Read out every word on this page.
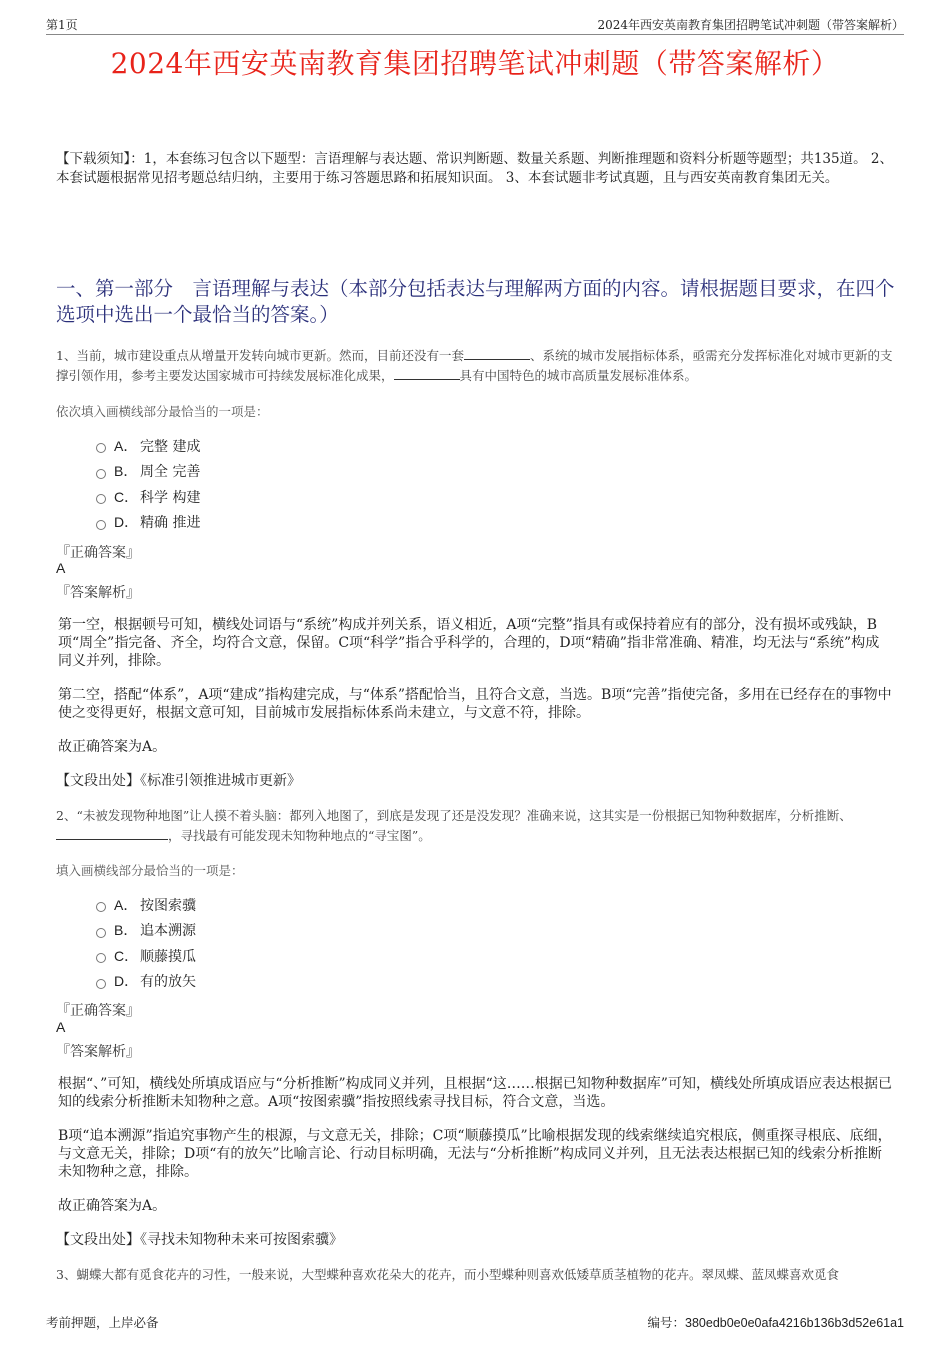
第1页	2024年西安英南教育集团招聘笔试冲刺题（带答案解析）
2024年西安英南教育集团招聘笔试冲刺题（带答案解析）
【下载须知】：1，本套练习包含以下题型：言语理解与表达题、常识判断题、数量关系题、判断推理题和资料分析题等题型；共135道。 2、本套试题根据常见招考题总结归纳，主要用于练习答题思路和拓展知识面。 3、本套试题非考试真题，且与西安英南教育集团无关。
一、第一部分　言语理解与表达（本部分包括表达与理解两方面的内容。请根据题目要求，在四个选项中选出一个最恰当的答案。）
1、当前，城市建设重点从增量开发转向城市更新。然而，目前还没有一套	、系统的城市发展指标体系，亟需充分发挥标准化对城市更新的支撑引领作用，参考主要发达国家城市可持续发展标准化成果，	具有中国特色的城市高质量发展标准体系。
依次填入画横线部分最恰当的一项是：
A． 完整 建成
B． 周全 完善
C． 科学 构建
D． 精确 推进
『正确答案』
A
『答案解析』
第一空，根据顿号可知，横线处词语与“系统”构成并列关系，语义相近，A项“完整”指具有或保持着应有的部分，没有损坏或残缺，B项“周全”指完备、齐全，均符合文意，保留。C项“科学”指合乎科学的，合理的，D项“精确”指非常准确、精准，均无法与“系统”构成同义并列，排除。
第二空，搭配“体系”，A项“建成”指构建完成，与“体系”搭配恰当，且符合文意，当选。B项“完善”指使完备，多用在已经存在的事物中使之变得更好，根据文意可知，目前城市发展指标体系尚未建立，与文意不符，排除。
故正确答案为A。
【文段出处】《标准引领推进城市更新》
2、“未被发现物种地图”让人摸不着头脑：都列入地图了，到底是发现了还是没发现？准确来说，这其实是一份根据已知物种数据库，分析推断、，寻找最有可能发现未知物种地点的“寻宝图”。
填入画横线部分最恰当的一项是：
A． 按图索骥
B． 追本溯源
C． 顺藤摸瓜
D． 有的放矢
『正确答案』
A
『答案解析』
根据“、”可知，横线处所填成语应与“分析推断”构成同义并列，且根据“这……根据已知物种数据库”可知，横线处所填成语应表达根据已知的线索分析推断未知物种之意。A项“按图索骥”指按照线索寻找目标，符合文意，当选。
B项“追本溯源”指追究事物产生的根源，与文意无关，排除；C项“顺藤摸瓜”比喻根据发现的线索继续追究根底，侧重探寻根底、底细，与文意无关，排除；D项“有的放矢”比喻言论、行动目标明确，无法与“分析推断”构成同义并列，且无法表达根据已知的线索分析推断未知物种之意，排除。
故正确答案为A。
【文段出处】《寻找未知物种未来可按图索骥》
3、蝴蝶大都有觅食花卉的习性，一般来说，大型蝶种喜欢花朵大的花卉，而小型蝶种则喜欢低矮草质茎植物的花卉。翠凤蝶、蓝凤蝶喜欢觅食
考前押题，上岸必备	编号：380edb0e0e0afa4216b136b3d52e61a1
